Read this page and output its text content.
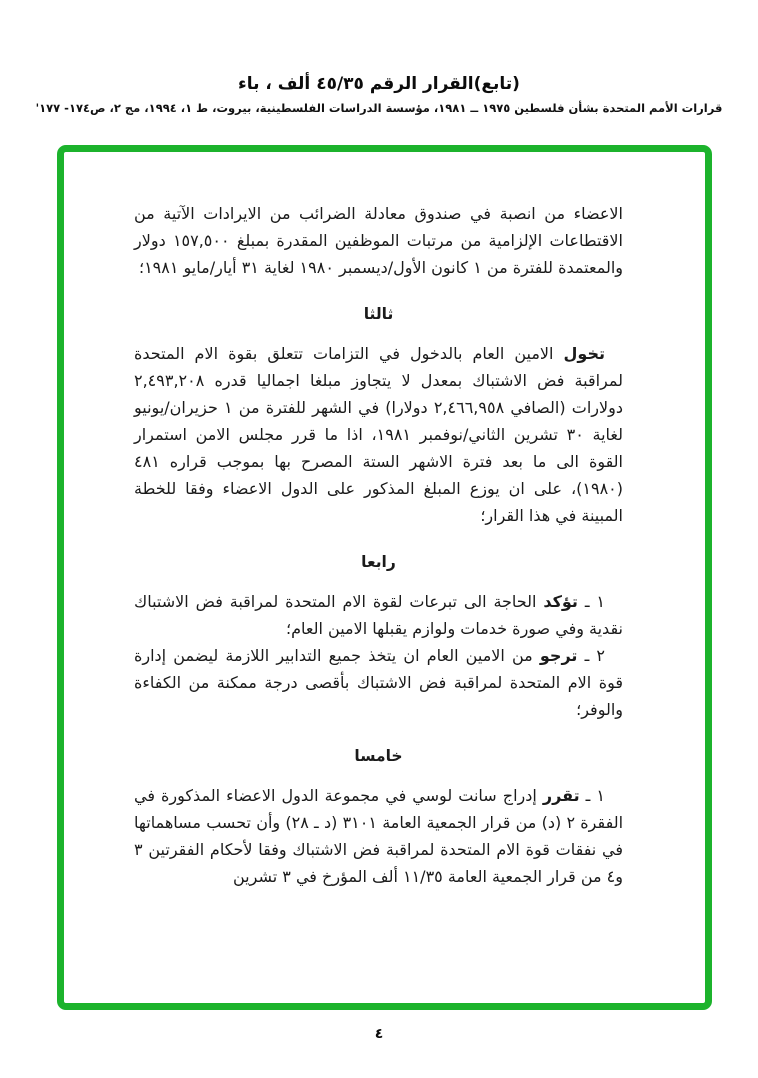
(تابع)القرار الرقم ٤٥/٣٥ ألف ، باء
قرارات الأمم المتحدة بشأن فلسطين ١٩٧٥ ــ ١٩٨١، مؤسسة الدراسات الفلسطينية، بيروت، ط ١، ١٩٩٤، مج ٢، ص١٧٤- ١٧٧'

الاعضاء من انصبة في صندوق معادلة الضرائب من الايرادات الآتية من الاقتطاعات الإلزامية من مرتبات الموظفين المقدرة بمبلغ ١٥٧,٥٠٠ دولار والمعتمدة للفترة من ١ كانون الأول/ديسمبر ١٩٨٠ لغاية ٣١ أيار/مايو ١٩٨١؛

ثالثا

تخول الامين العام بالدخول في التزامات تتعلق بقوة الام المتحدة لمراقبة فض الاشتباك بمعدل لا يتجاوز مبلغا اجماليا قدره ٢,٤٩٣,٢٠٨ دولارات (الصافي ٢,٤٦٦,٩٥٨ دولارا) في الشهر للفترة من ١ حزيران/يونيو لغاية ٣٠ تشرين الثاني/نوفمبر ١٩٨١، اذا ما قرر مجلس الامن استمرار القوة الى ما بعد فترة الاشهر الستة المصرح بها بموجب قراره ٤٨١ (١٩٨٠)، على ان يوزع المبلغ المذكور على الدول الاعضاء وفقا للخطة المبينة في هذا القرار؛

رابعا

١ ـ تؤكد الحاجة الى تبرعات لقوة الام المتحدة لمراقبة فض الاشتباك نقدية وفي صورة خدمات ولوازم يقبلها الامين العام؛

٢ ـ ترجو من الامين العام ان يتخذ جميع التدابير اللازمة ليضمن إدارة قوة الام المتحدة لمراقبة فض الاشتباك بأقصى درجة ممكنة من الكفاءة والوفر؛

خامسا

١ ـ تقرر إدراج سانت لوسي في مجموعة الدول الاعضاء المذكورة في الفقرة ٢ (د) من قرار الجمعية العامة ٣١٠١ (د ـ ٢٨) وأن تحسب مساهماتها في نفقات قوة الام المتحدة لمراقبة فض الاشتباك وفقا لأحكام الفقرتين ٣ و٤ من قرار الجمعية العامة ١١/٣٥ ألف المؤرخ في ٣ تشرين

٤
